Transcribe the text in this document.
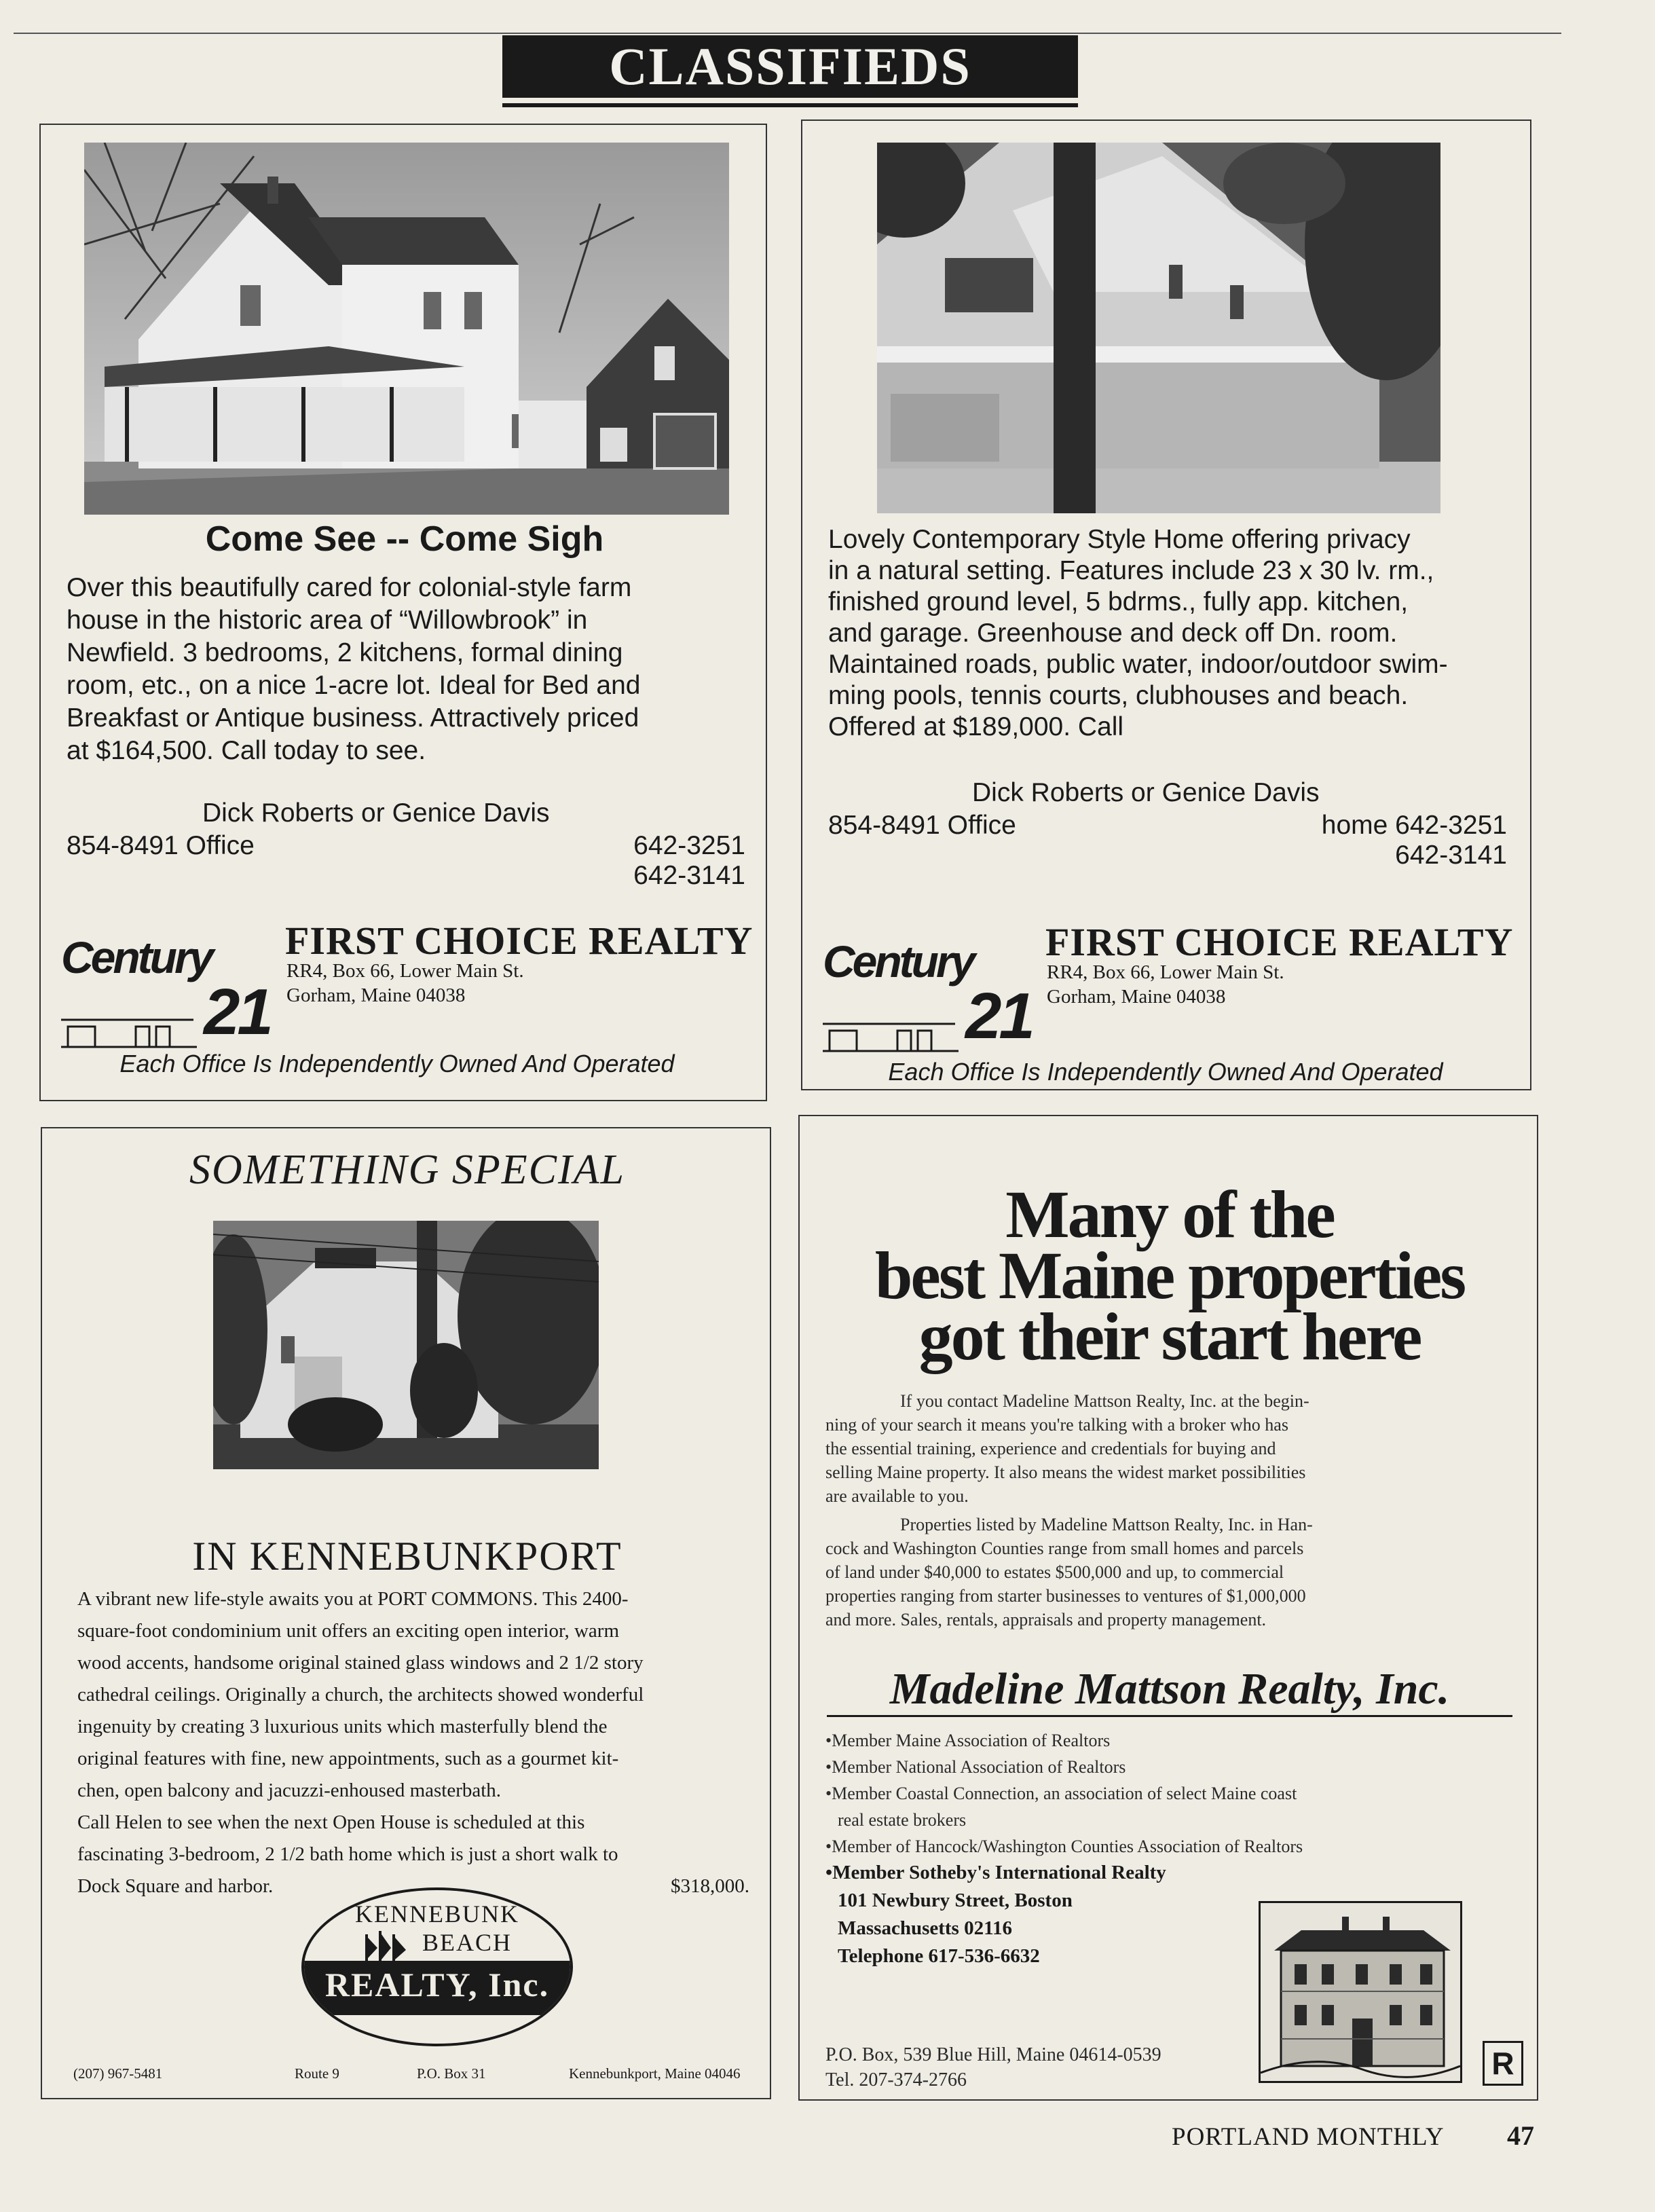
CLASSIFIEDS
Come See -- Come Sigh
Over this beautifully cared for colonial-style farm
house in the historic area of “Willowbrook” in
Newfield. 3 bedrooms, 2 kitchens, formal dining
room, etc., on a nice 1-acre lot. Ideal for Bed and
Breakfast or Antique business. Attractively priced
at $164,500. Call today to see.
Dick Roberts or Genice Davis
854-8491 Office	642-3251
642-3141
Century
21
FIRST CHOICE REALTY
RR4, Box 66, Lower Main St.
Gorham, Maine 04038
Each Office Is Independently Owned And Operated
Lovely Contemporary Style Home offering privacy
in a natural setting. Features include 23 x 30 lv. rm.,
finished ground level, 5 bdrms., fully app. kitchen,
and garage. Greenhouse and deck off Dn. room.
Maintained roads, public water, indoor/outdoor swim-
ming pools, tennis courts, clubhouses and beach.
Offered at $189,000. Call
Dick Roberts or Genice Davis
854-8491 Office	home 642-3251
642-3141
Century
21
FIRST CHOICE REALTY
RR4, Box 66, Lower Main St.
Gorham, Maine 04038
Each Office Is Independently Owned And Operated
SOMETHING SPECIAL
IN KENNEBUNKPORT
A vibrant new life-style awaits you at PORT COMMONS. This 2400-
square-foot condominium unit offers an exciting open interior, warm
wood accents, handsome original stained glass windows and 2 1/2 story
cathedral ceilings. Originally a church, the architects showed wonderful
ingenuity by creating 3 luxurious units which masterfully blend the
original features with fine, new appointments, such as a gourmet kit-
chen, open balcony and jacuzzi-enhoused masterbath.
Call Helen to see when the next Open House is scheduled at this
fascinating 3-bedroom, 2 1/2 bath home which is just a short walk to
Dock Square and harbor.	$318,000.
KENNEBUNK
BEACH
REALTY, Inc.
(207) 967-5481	Route 9	P.O. Box 31	Kennebunkport, Maine 04046
Many of the
best Maine properties
got their start here
If you contact Madeline Mattson Realty, Inc. at the begin-
ning of your search it means you're talking with a broker who has
the essential training, experience and credentials for buying and
selling Maine property. It also means the widest market possibilities
are available to you.
Properties listed by Madeline Mattson Realty, Inc. in Han-
cock and Washington Counties range from small homes and parcels
of land under $40,000 to estates $500,000 and up, to commercial
properties ranging from starter businesses to ventures of $1,000,000
and more. Sales, rentals, appraisals and property management.
Madeline Mattson Realty, Inc.
•Member Maine Association of Realtors
•Member National Association of Realtors
•Member Coastal Connection, an association of select Maine coast
real estate brokers
•Member of Hancock/Washington Counties Association of Realtors
•Member Sotheby's International Realty
101 Newbury Street, Boston
Massachusetts 02116
Telephone 617-536-6632
P.O. Box, 539 Blue Hill, Maine 04614-0539
Tel. 207-374-2766	R
PORTLAND MONTHLY	47
